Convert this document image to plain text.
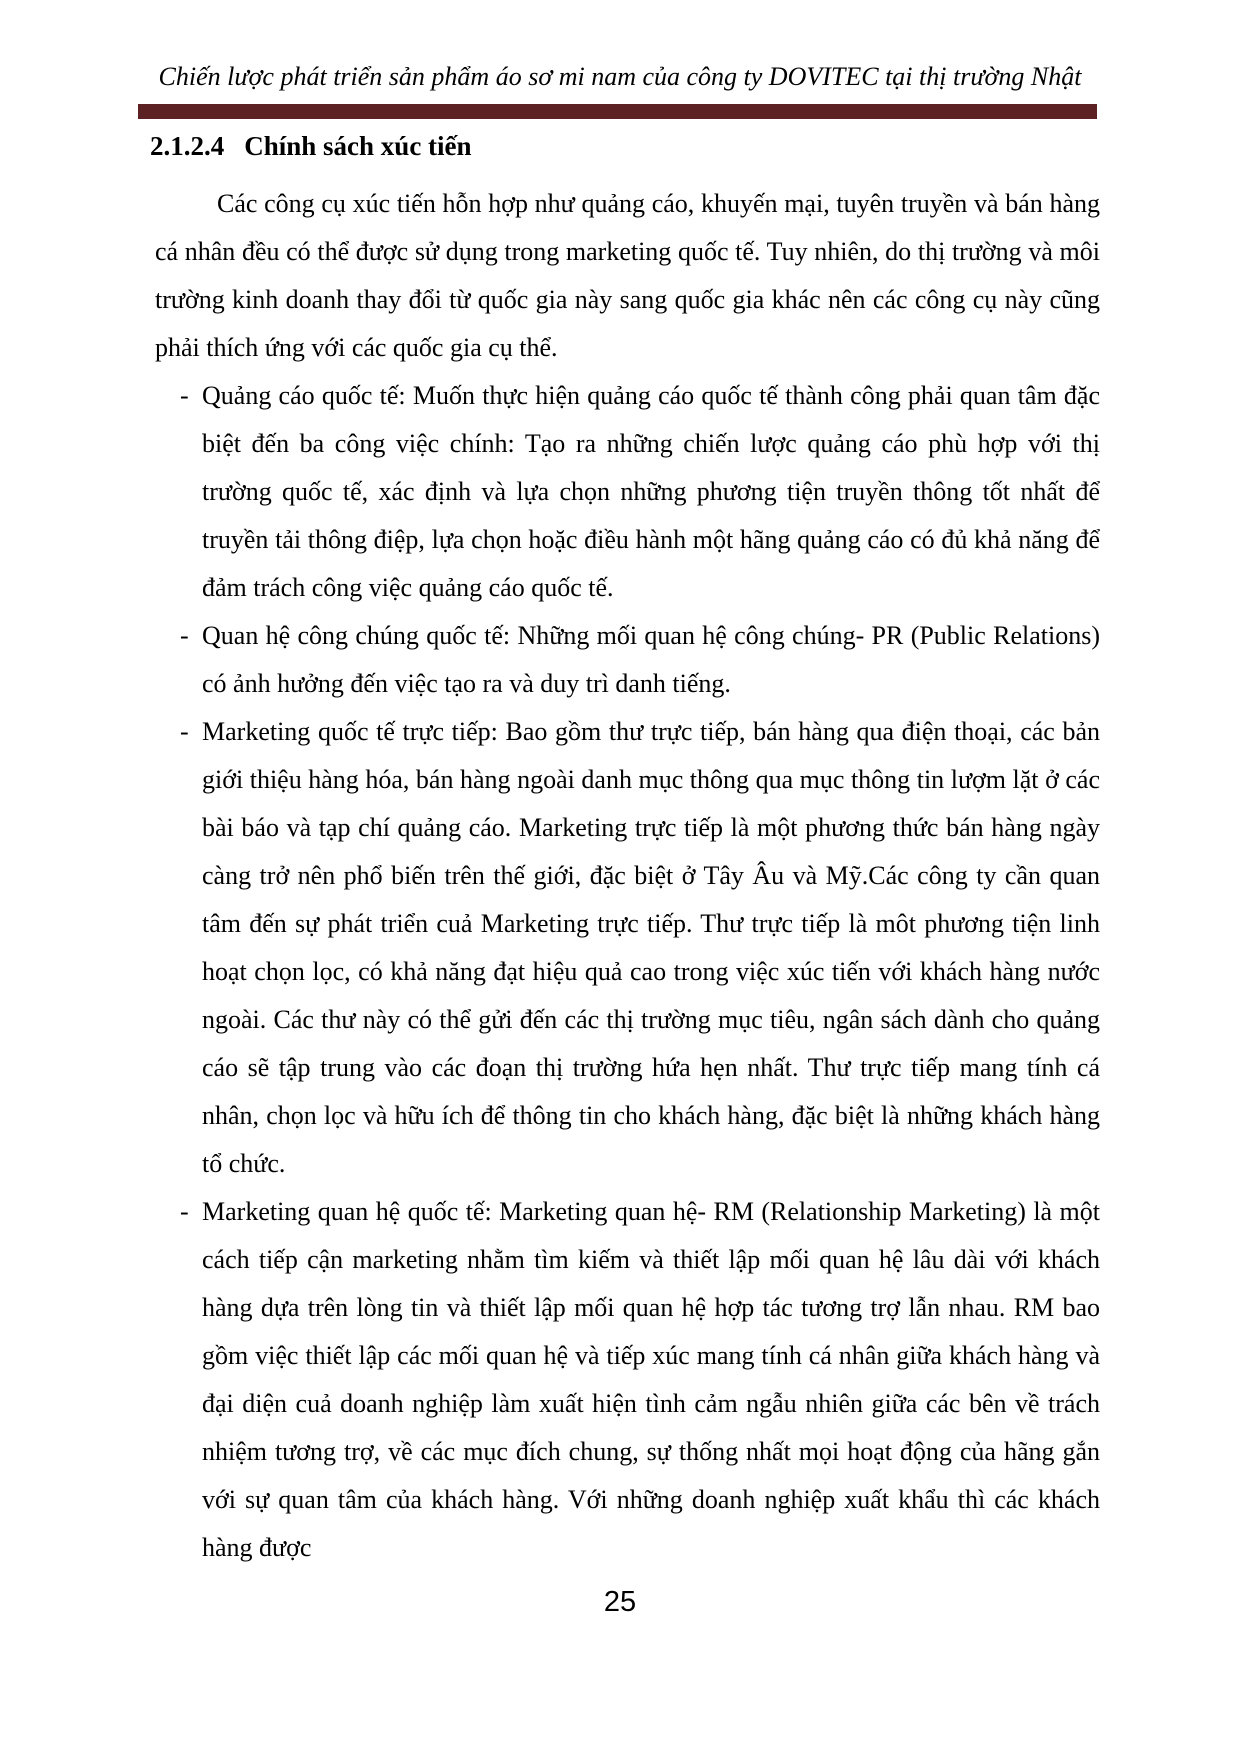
Chiến lược phát triển sản phẩm áo sơ mi nam của công ty DOVITEC tại thị trường Nhật
2.1.2.4 Chính sách xúc tiến

Các công cụ xúc tiến hỗn hợp như quảng cáo, khuyến mại, tuyên truyền và bán hàng cá nhân đều có thể được sử dụng trong marketing quốc tế. Tuy nhiên, do thị trường và môi trường kinh doanh thay đổi từ quốc gia này sang quốc gia khác nên các công cụ này cũng phải thích ứng với các quốc gia cụ thể.

- Quảng cáo quốc tế: Muốn thực hiện quảng cáo quốc tế thành công phải quan tâm đặc biệt đến ba công việc chính: Tạo ra những chiến lược quảng cáo phù hợp với thị trường quốc tế, xác định và lựa chọn những phương tiện truyền thông tốt nhất để truyền tải thông điệp, lựa chọn hoặc điều hành một hãng quảng cáo có đủ khả năng để đảm trách công việc quảng cáo quốc tế.
- Quan hệ công chúng quốc tế: Những mối quan hệ công chúng- PR (Public Relations) có ảnh hưởng đến việc tạo ra và duy trì danh tiếng.
- Marketing quốc tế trực tiếp: Bao gồm thư trực tiếp, bán hàng qua điện thoại, các bản giới thiệu hàng hóa, bán hàng ngoài danh mục thông qua mục thông tin lượm lặt ở các bài báo và tạp chí quảng cáo. Marketing trực tiếp là một phương thức bán hàng ngày càng trở nên phổ biến trên thế giới, đặc biệt ở Tây Âu và Mỹ.Các công ty cần quan tâm đến sự phát triển cuả Marketing trực tiếp. Thư trực tiếp là môt phương tiện linh hoạt chọn lọc, có khả năng đạt hiệu quả cao trong việc xúc tiến với khách hàng nước ngoài. Các thư này có thể gửi đến các thị trường mục tiêu, ngân sách dành cho quảng cáo sẽ tập trung vào các đoạn thị trường hứa hẹn nhất. Thư trực tiếp mang tính cá nhân, chọn lọc và hữu ích để thông tin cho khách hàng, đặc biệt là những khách hàng tổ chức.
- Marketing quan hệ quốc tế: Marketing quan hệ- RM (Relationship Marketing) là một cách tiếp cận marketing nhằm tìm kiếm và thiết lập mối quan hệ lâu dài với khách hàng dựa trên lòng tin và thiết lập mối quan hệ hợp tác tương trợ lẫn nhau. RM bao gồm việc thiết lập các mối quan hệ và tiếp xúc mang tính cá nhân giữa khách hàng và đại diện cuả doanh nghiệp làm xuất hiện tình cảm ngẫu nhiên giữa các bên về trách nhiệm tương trợ, về các mục đích chung, sự thống nhất mọi hoạt động của hãng gắn với sự quan tâm của khách hàng. Với những doanh nghiệp xuất khẩu thì các khách hàng được
25
